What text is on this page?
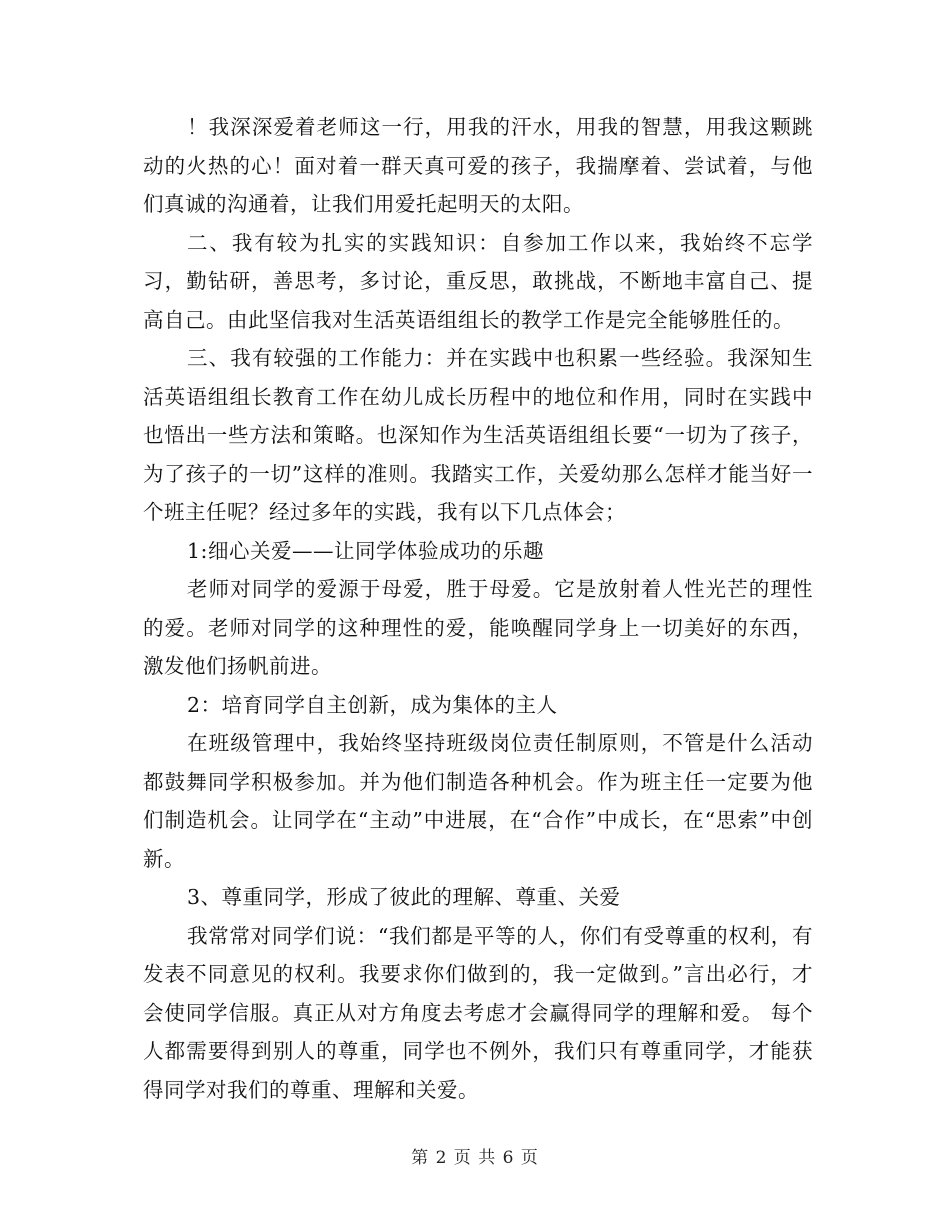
！我深深爱着老师这一行，用我的汗水，用我的智慧，用我这颗跳动的火热的心！面对着一群天真可爱的孩子，我揣摩着、尝试着，与他们真诚的沟通着，让我们用爱托起明天的太阳。

二、我有较为扎实的实践知识：自参加工作以来，我始终不忘学习，勤钻研，善思考，多讨论，重反思，敢挑战，不断地丰富自己、提高自己。由此坚信我对生活英语组组长的教学工作是完全能够胜任的。

三、我有较强的工作能力：并在实践中也积累一些经验。我深知生活英语组组长教育工作在幼儿成长历程中的地位和作用，同时在实践中也悟出一些方法和策略。也深知作为生活英语组组长要“一切为了孩子，为了孩子的一切”这样的准则。我踏实工作，关爱幼那么怎样才能当好一个班主任呢？经过多年的实践，我有以下几点体会；

1:细心关爱——让同学体验成功的乐趣

老师对同学的爱源于母爱，胜于母爱。它是放射着人性光芒的理性的爱。老师对同学的这种理性的爱，能唤醒同学身上一切美好的东西，激发他们扬帆前进。

2：培育同学自主创新，成为集体的主人

在班级管理中，我始终坚持班级岗位责任制原则，不管是什么活动都鼓舞同学积极参加。并为他们制造各种机会。作为班主任一定要为他们制造机会。让同学在“主动”中进展，在“合作”中成长，在“思索”中创新。

3、尊重同学，形成了彼此的理解、尊重、关爱

我常常对同学们说：“我们都是平等的人，你们有受尊重的权利，有发表不同意见的权利。我要求你们做到的，我一定做到。”言出必行，才会使同学信服。真正从对方角度去考虑才会赢得同学的理解和爱。 每个人都需要得到别人的尊重，同学也不例外，我们只有尊重同学，才能获得同学对我们的尊重、理解和关爱。

第 2 页 共 6 页
